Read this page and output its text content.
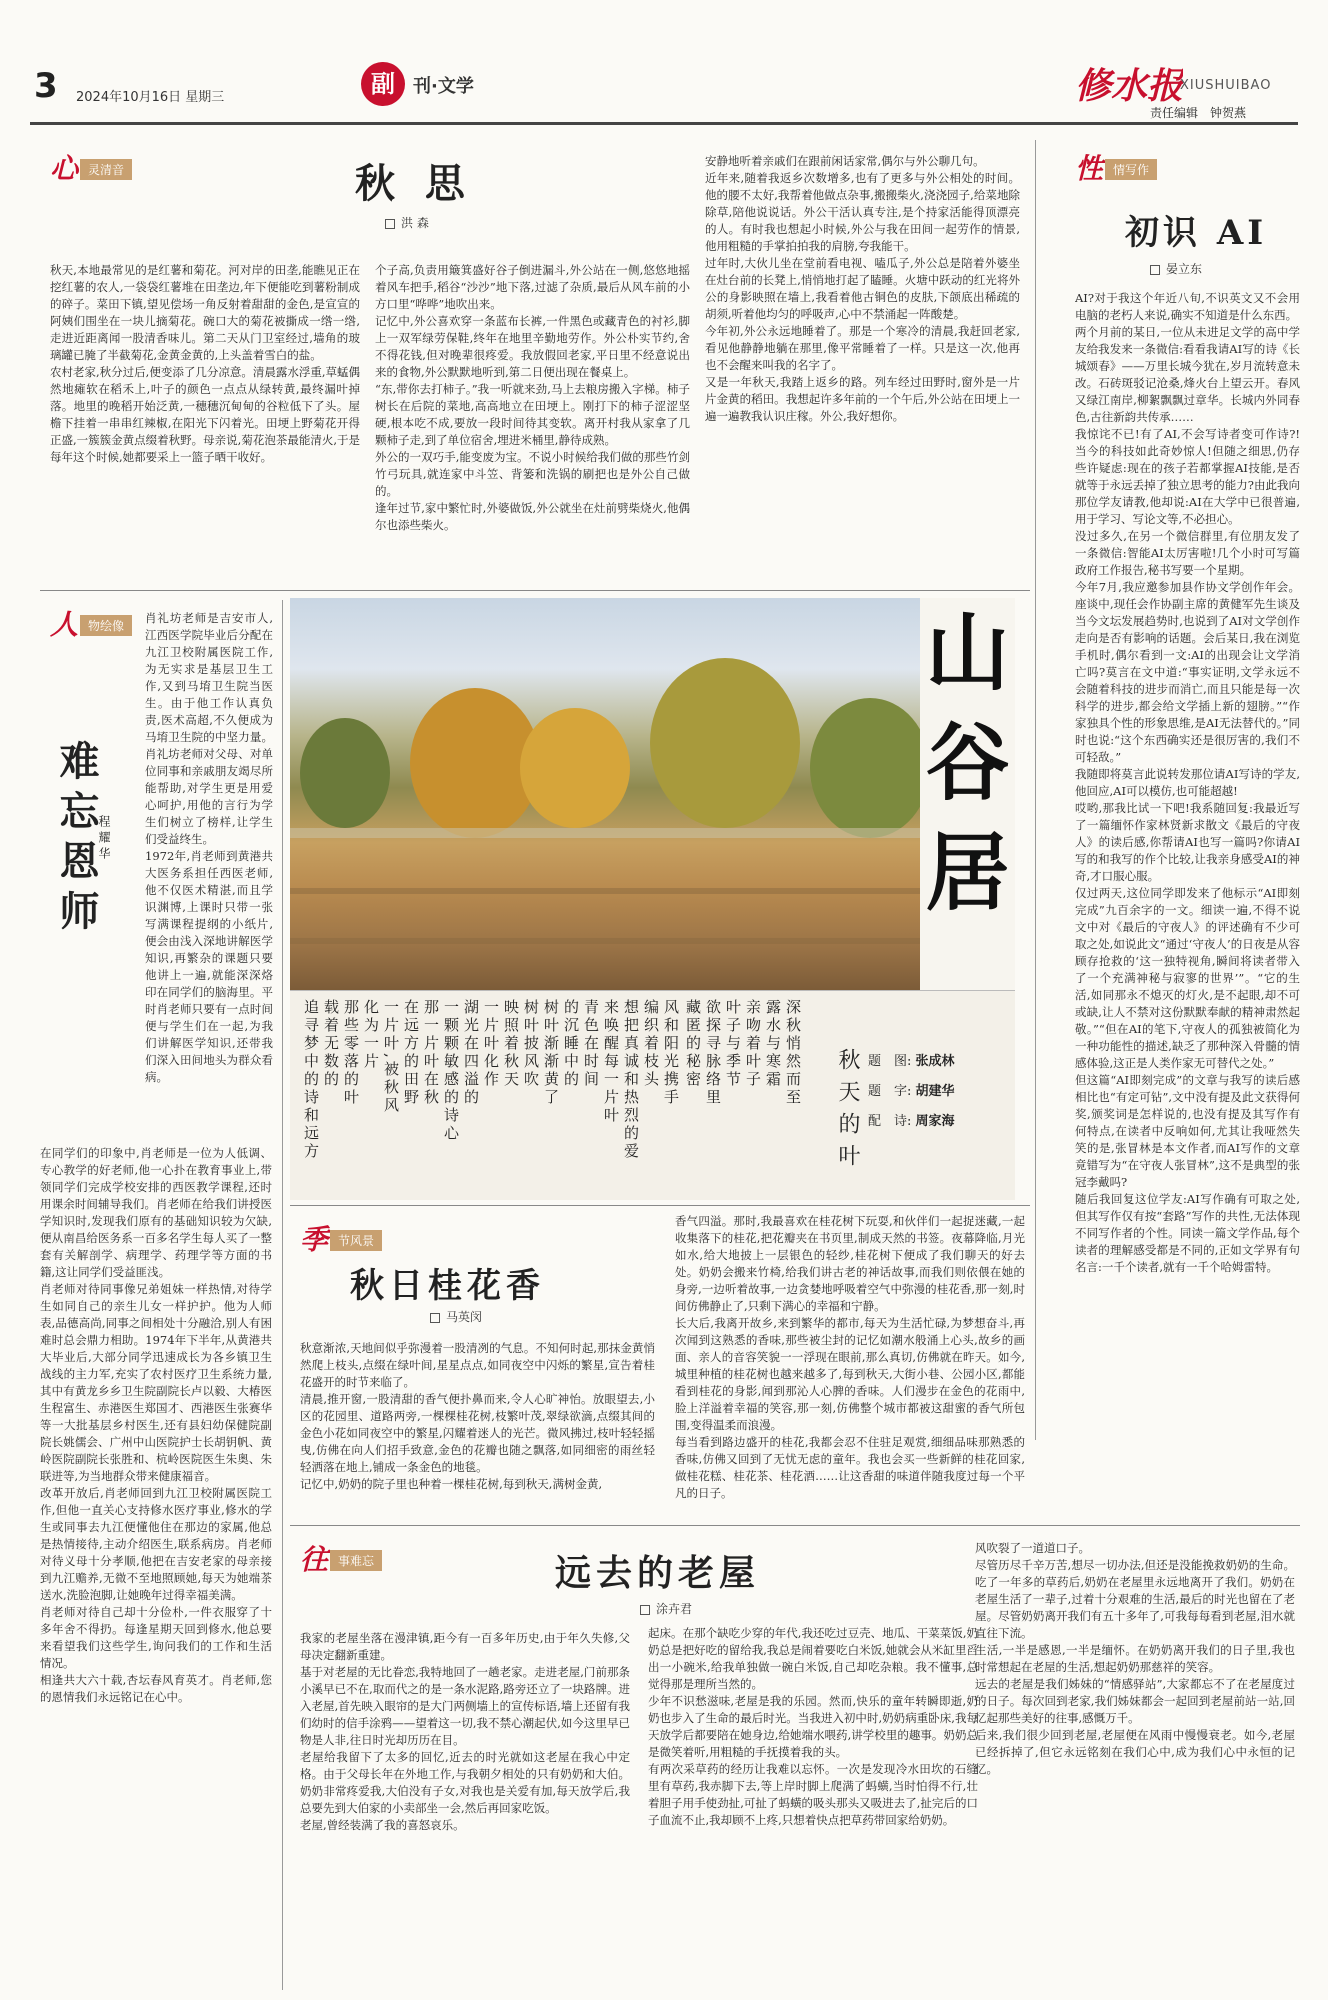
3 2024年10月16日 星期三	副	刊·文学	修水报
XIUSHUIBAO
责任编辑　钟贺燕
心 灵清音	秋 思
洪 森
秋天,本地最常见的是红薯和菊花。河对岸的田垄,能瞧见正在挖红薯的农人,一袋袋红薯堆在田垄边,年下便能吃到薯粉制成的碎子。菜田下镇,望见偿场一角反射着甜甜的金色,是宣宣的阿姨们围坐在一块儿摘菊花。碗口大的菊花被撕成一绺一绺,走进近距离闻一股清香味儿。第二天从门卫室经过,墙角的玻璃罐已腌了半截菊花,金黄金黄的,上头盖着雪白的盐。
农村老家,秋分过后,便变添了几分凉意。清晨露水浮重,草蜢偶然地瘫软在稻禾上,叶子的颜色一点点从绿转黄,最终漏叶掉落。地里的晚稻开始泛黄,一穗穗沉甸甸的谷粒低下了头。屋檐下挂着一串串红辣椒,在阳光下闪着光。田埂上野菊花开得正盛,一簇簇金黄点缀着秋野。母亲说,菊花泡茶最能清火,于是每年这个时候,她都要采上一篮子晒干收好。
个子高,负责用簸箕盛好谷子倒进漏斗,外公站在一侧,悠悠地摇着风车把手,稻谷“沙沙”地下落,过滤了杂质,最后从风车前的小方口里“哗哗”地吹出来。
记忆中,外公喜欢穿一条蓝布长裤,一件黑色或藏青色的衬衫,脚上一双军绿劳保鞋,终年在地里辛勤地劳作。外公朴实节约,舍不得花钱,但对晚辈很疼爱。我放假回老家,平日里不经意说出来的食物,外公默默地听到,第二日便出现在餐桌上。
“东,带你去打柿子。”我一听就来劲,马上去粮房搬入字梯。柿子树长在后院的菜地,高高地立在田埂上。刚打下的柿子涩涩坚硬,根本吃不成,要放一段时间待其变软。离开村我从家拿了几颗柿子走,到了单位宿舍,埋进米桶里,静待成熟。
外公的一双巧手,能变废为宝。不说小时候给我们做的那些竹剑竹弓玩具,就连家中斗笠、背篓和洗锅的刷把也是外公自己做的。
逢年过节,家中繁忙时,外婆做饭,外公就坐在灶前劈柴烧火,他偶尔也添些柴火。
安静地听着亲戚们在跟前闲话家常,偶尔与外公聊几句。
近年来,随着我返乡次数增多,也有了更多与外公相处的时间。他的腰不太好,我帮着他做点杂事,搬搬柴火,浇浇园子,给菜地除除草,陪他说说话。外公干活认真专注,是个持家活能得顶漂亮的人。有时我也想起小时候,外公与我在田间一起劳作的情景,他用粗糙的手掌拍拍我的肩膀,夸我能干。
过年时,大伙儿坐在堂前看电视、嗑瓜子,外公总是陪着外婆坐在灶台前的长凳上,悄悄地打起了瞌睡。火塘中跃动的红光将外公的身影映照在墙上,我看着他古铜色的皮肤,下颌底出稀疏的胡须,听着他均匀的呼吸声,心中不禁涌起一阵酸楚。
今年初,外公永远地睡着了。那是一个寒冷的清晨,我赶回老家,看见他静静地躺在那里,像平常睡着了一样。只是这一次,他再也不会醒来叫我的名字了。
又是一年秋天,我踏上返乡的路。列车经过田野时,窗外是一片片金黄的稻田。我想起许多年前的一个午后,外公站在田埂上一遍一遍教我认识庄稼。外公,我好想你。
性 情写作
初识 AI
晏立东
AI?对于我这个年近八旬,不识英文又不会用电脑的老朽人来说,确实不知道是什么东西。
两个月前的某日,一位从未进足文学的高中学友给我发来一条微信:看看我请AI写的诗《长城颂春》——万里长城今犹在,岁月流转意未改。石砖斑驳记沧桑,烽火台上望云开。春风又绿江南岸,柳絮飘飘过章华。长城内外同春色,古往新韵共传承……
我惊诧不已!有了AI,不会写诗者变可作诗?!当今的科技如此奇妙惊人!但随之细思,仍存些许疑虑:现在的孩子若都掌握AI技能,是否就等于永远丢掉了独立思考的能力?由此我向那位学友请教,他却说:AI在大学中已很普遍,用于学习、写论文等,不必担心。
没过多久,在另一个微信群里,有位朋友发了一条微信:智能AI太厉害啦!几个小时可写篇政府工作报告,秘书写要一个星期。
今年7月,我应邀参加县作协文学创作年会。座谈中,现任会作协副主席的黄健军先生谈及当今文坛发展趋势时,也说到了AI对文学创作走向是否有影响的话题。会后某日,我在浏览手机时,偶尔看到一文:AI的出现会让文学消亡吗?莫言在文中道:“事实证明,文学永远不会随着科技的进步而消亡,而且只能是每一次科学的进步,都会给文学插上新的翅膀。”“作家独具个性的形象思维,是AI无法替代的。”同时也说:“这个东西确实还是很厉害的,我们不可轻敌。”
我随即将莫言此说转发那位请AI写诗的学友,他回应,AI可以模仿,也可能超越!
哎哟,那我比试一下吧!我系随回复:我最近写了一篇缅怀作家林贤新求散文《最后的守夜人》的读后感,你帮请AI也写一篇吗?你请AI写的和我写的作个比较,让我亲身感受AI的神奇,才口服心服。
仅过两天,这位同学即发来了他标示“AI即刻完成”九百余字的一文。细读一遍,不得不说文中对《最后的守夜人》的评述确有不少可取之处,如说此文“通过‘守夜人’的日夜是从容顾存抢救的‘这一独特视角,瞬间将读者带入了一个充满神秘与寂寥的世界’”。“它的生活,如同那永不熄灭的灯火,是不起眼,却不可或缺,让人不禁对这份默默奉献的精神肃然起敬。”“但在AI的笔下,守夜人的孤独被简化为一种功能性的描述,缺乏了那种深入骨髓的情感体验,这正是人类作家无可替代之处。”
但这篇“AI即刻完成”的文章与我写的读后感相比也“有定可钻”,文中没有提及此文获得何奖,颁奖词是怎样说的,也没有提及其写作有何特点,在读者中反响如何,尤其让我哑然失笑的是,张冒林是本文作者,而AI写作的文章竟错写为“在守夜人张冒林”,这不是典型的张冠李戴吗?
随后我回复这位学友:AI写作确有可取之处,但其写作仅有按“套路”写作的共性,无法体现不同写作者的个性。同读一篇文学作品,每个读者的理解感受都是不同的,正如文学界有句名言:一千个读者,就有一千个哈姆雷特。
人 物绘像
难忘恩师
程耀华
肖礼坊老师是吉安市人,江西医学院毕业后分配在九江卫校附属医院工作,为无实求是基层卫生工作,又到马堉卫生院当医生。由于他工作认真负责,医术高超,不久便成为马堉卫生院的中坚力量。肖礼坊老师对父母、对单位同事和亲戚朋友竭尽所能帮助,对学生更是用爱心呵护,用他的言行为学生们树立了榜样,让学生们受益终生。
1972年,肖老师到黄港共大医务系担任西医老师,他不仅医术精湛,而且学识渊博,上课时只带一张写满课程提纲的小纸片,便会由浅入深地讲解医学知识,再繁杂的课题只要他讲上一遍,就能深深烙印在同学们的脑海里。平时肖老师只要有一点时间便与学生们在一起,为我们讲解医学知识,还带我们深入田间地头为群众看病。
在同学们的印象中,肖老师是一位为人低调、专心教学的好老师,他一心扑在教育事业上,带领同学们完成学校安排的西医教学课程,还时用课余时间辅导我们。肖老师在给我们讲授医学知识时,发现我们原有的基础知识较为欠缺,便从南昌给医务系一百多名学生每人买了一整套有关解剖学、病理学、药理学等方面的书籍,这让同学们受益匪浅。
肖老师对待同事像兄弟姐妹一样热情,对待学生如同自己的亲生儿女一样护护。他为人师表,品德高尚,同事之间相处十分融洽,别人有困难时总会鼎力相助。1974年下半年,从黄港共大毕业后,大部分同学迅速成长为各乡镇卫生战线的主力军,充实了农村医疗卫生系统力量,其中有黄龙乡乡卫生院副院长卢以毅、大椿医生程富生、赤港医生郑国才、西港医生张赛华等一大批基层乡村医生,还有县妇幼保健院副院长姚儒会、广州中山医院护士长胡钥帆、黄岭医院副院长张胜和、杭岭医院医生朱奥、朱联进等,为当地群众带来健康福音。
改革开放后,肖老师回到九江卫校附属医院工作,但他一直关心支持修水医疗事业,修水的学生或同事去九江便懂他住在那边的家属,他总是热情接待,主动介绍医生,联系病房。肖老师对待义母十分孝顺,他把在吉安老家的母亲接到九江赡养,无微不至地照顾她,每天为她端茶送水,洗脸泡脚,让她晚年过得幸福美满。
肖老师对待自己却十分俭朴,一件衣服穿了十多年舍不得扔。每逢星期天回到修水,他总要来看望我们这些学生,询问我们的工作和生活情况。
相逢共大六十载,杏坛春风育英才。肖老师,您的恩情我们永远铭记在心中。
山
谷
居
深秋悄然而至
露水与寒霜
亲吻着叶子
叶子与季节
欲探寻脉络里
藏匿的秘密
风和阳光携手
编织着枝头
想把真诚和热烈的爱
来唤醒每一片叶
青色在时间
的沉睡中的
树叶渐渐黄了
树叶披风吹
映照着秋天
一片叶化作
湖光在四溢的
一颗颗敏感的诗心
那一片叶在秋
在远方的田野
一片叶,被秋风
化为一片
那些零落的叶
载着无数的
追寻梦中的诗和远方	秋天的叶 题　图: 张成林
题　字: 胡建华
配　诗: 周家海
季 节风景
秋日桂花香
马英闵
秋意渐浓,天地间似乎弥漫着一股清冽的气息。不知何时起,那抹金黄悄然爬上枝头,点缀在绿叶间,星星点点,如同夜空中闪烁的繁星,宣告着桂花盛开的时节来临了。
清晨,推开窗,一股清甜的香气便扑鼻而来,令人心旷神怡。放眼望去,小区的花园里、道路两旁,一棵棵桂花树,枝繁叶茂,翠绿欲滴,点缀其间的金色小花如同夜空中的繁星,闪耀着迷人的光芒。微风拂过,枝叶轻轻摇曳,仿佛在向人们招手致意,金色的花瓣也随之飘落,如同细密的雨丝轻轻洒落在地上,铺成一条金色的地毯。
记忆中,奶奶的院子里也种着一棵桂花树,每到秋天,满树金黄,
香气四溢。那时,我最喜欢在桂花树下玩耍,和伙伴们一起捉迷藏,一起收集落下的桂花,把花瓣夹在书页里,制成天然的书签。夜幕降临,月光如水,给大地披上一层银色的轻纱,桂花树下便成了我们聊天的好去处。奶奶会搬来竹椅,给我们讲古老的神话故事,而我们则依偎在她的身旁,一边听着故事,一边贪婪地呼吸着空气中弥漫的桂花香,那一刻,时间仿佛静止了,只剩下满心的幸福和宁静。
长大后,我离开故乡,来到繁华的都市,每天为生活忙碌,为梦想奋斗,再次闻到这熟悉的香味,那些被尘封的记忆如潮水般涌上心头,故乡的画面、亲人的音容笑貌一一浮现在眼前,那么真切,仿佛就在昨天。如今,城里种植的桂花树也越来越多了,每到秋天,大街小巷、公园小区,都能看到桂花的身影,闻到那沁人心脾的香味。人们漫步在金色的花雨中,脸上洋溢着幸福的笑容,那一刻,仿佛整个城市都被这甜蜜的香气所包围,变得温柔而浪漫。
每当看到路边盛开的桂花,我都会忍不住驻足观赏,细细品味那熟悉的香味,仿佛又回到了无忧无虑的童年。我也会买一些新鲜的桂花回家,做桂花糕、桂花茶、桂花酒……让这香甜的味道伴随我度过每一个平凡的日子。
往 事难忘	远去的老屋
涂卉君
我家的老屋坐落在漫津镇,距今有一百多年历史,由于年久失修,父母决定翻新重建。
基于对老屋的无比眷恋,我特地回了一趟老家。走进老屋,门前那条小溪早已不在,取而代之的是一条水泥路,路旁还立了一块路牌。进入老屋,首先映入眼帘的是大门两侧墙上的宣传标语,墙上还留有我们幼时的信手涂鸦——望着这一切,我不禁心潮起伏,如今这里早已物是人非,往日时光却历历在目。
老屋给我留下了太多的回忆,近去的时光就如这老屋在我心中定格。由于父母长年在外地工作,与我朝夕相处的只有奶奶和大伯。奶奶非常疼爱我,大伯没有子女,对我也是关爱有加,每天放学后,我总要先到大伯家的小卖部坐一会,然后再回家吃饭。
老屋,曾经装满了我的喜怒哀乐。
起床。在那个缺吃少穿的年代,我还吃过豆壳、地瓜、干菜菜饭,奶奶总是把好吃的留给我,我总是闹着要吃白米饭,她就会从米缸里舀出一小碗米,给我单独做一碗白米饭,自己却吃杂粮。我不懂事,总觉得那是理所当然的。
少年不识愁滋味,老屋是我的乐园。然而,快乐的童年转瞬即逝,奶奶也步入了生命的最后时光。当我进入初中时,奶奶病重卧床,我每天放学后都要陪在她身边,给她端水喂药,讲学校里的趣事。奶奶总是微笑着听,用粗糙的手抚摸着我的头。
有两次采草药的经历让我难以忘怀。一次是发现冷水田坎的石缝里有草药,我赤脚下去,等上岸时脚上爬满了蚂蟥,当时怕得不行,壮着胆子用手使劲扯,可扯了蚂蟥的吸头那头又吸进去了,扯完后的口子血流不止,我却顾不上疼,只想着快点把草药带回家给奶奶。
风吹裂了一道道口子。
尽管历尽千辛万苦,想尽一切办法,但还是没能挽救奶奶的生命。吃了一年多的草药后,奶奶在老屋里永远地离开了我们。奶奶在老屋生活了一辈子,过着十分艰难的生活,最后的时光也留在了老屋。尽管奶奶离开我们有五十多年了,可我每每看到老屋,泪水就直往下流。
生活,一半是感恩,一半是缅怀。在奶奶离开我们的日子里,我也时常想起在老屋的生活,想起奶奶那慈祥的笑容。
远去的老屋是我们姊妹的“情感驿站”,大家都忘不了在老屋度过的日子。每次回到老家,我们姊妹都会一起回到老屋前站一站,回忆起那些美好的往事,感慨万千。
后来,我们很少回到老屋,老屋便在风雨中慢慢衰老。如今,老屋已经拆掉了,但它永远铭刻在我们心中,成为我们心中永恒的记忆。
